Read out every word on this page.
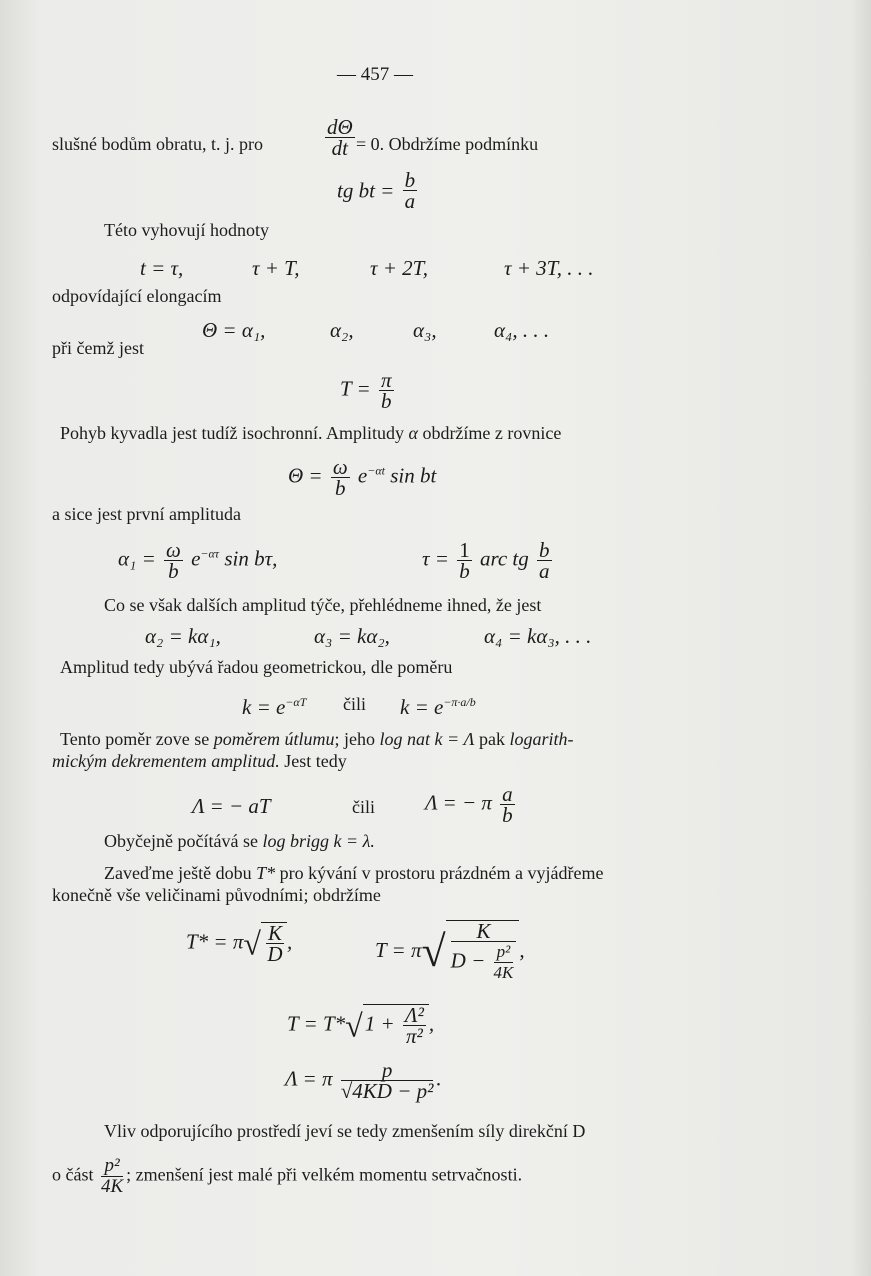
— 457 —
slušné bodům obratu, t. j. pro	$\frac{d\Theta}{dt} = 0$. Obdržíme podmínku
tg bt = $\frac{b}{a}$
Této vyhovují hodnoty
t = τ,	τ + T,	τ + 2T,	τ + 3T, . . .
odpovídající elongacím
Θ = α₁,	α₂,	α₃,	α₄, . . .
při čemž jest
$T = \frac{\pi}{b}$
Pohyb kyvadla jest tudíž isochronní. Amplitudy α obdržíme z rovnice
$\Theta = \frac{\omega}{b} e^{-\alpha t}$ sin bt
a sice jest první amplituda
$\alpha_1 = \frac{\omega}{b} e^{-\alpha\tau}$ sin bτ,	$\tau = \frac{1}{b}$ arc tg $\frac{b}{a}$
Co se však dalších amplitud týče, přehlédneme ihned, že jest
α₂ = kα₁,	α₃ = kα₂,	α₄ = kα₃, . . .
Amplitud tedy ubývá řadou geometrickou, dle poměru
$k = e^{-\alpha T}$ čili $k = e^{-\pi\cdot a/b}$
Tento poměr zove se poměrem útlumu; jeho log nat k = Λ pak logarith-
mickým dekrementem amplitud. Jest tedy
Λ = − aT	čili Λ = − π $\frac{a}{b}$
Obyčejně počítává se log brigg k = λ.
Zaveďme ještě dobu T* pro kývání v prostoru prázdném a vyjádřeme
konečně vše veličinami původními; obdržíme
$T* = \pi√ \frac{K}{D}$ ,	$T = \pi√ \frac{K}{D - \frac{\text{p²}}{4K}}$ ,
$T = T*√1 + \frac{\text{Λ²}}{\text{π²}}$ ,
Λ = π $\frac{p}{\text{√4KD − p²}}$ .
Vliv odporujícího prostředí jeví se tedy zmenšením síly direkční D
o část $\frac{\text{p²}}{4K}$ ; zmenšení jest malé při velkém momentu setrvačnosti.
